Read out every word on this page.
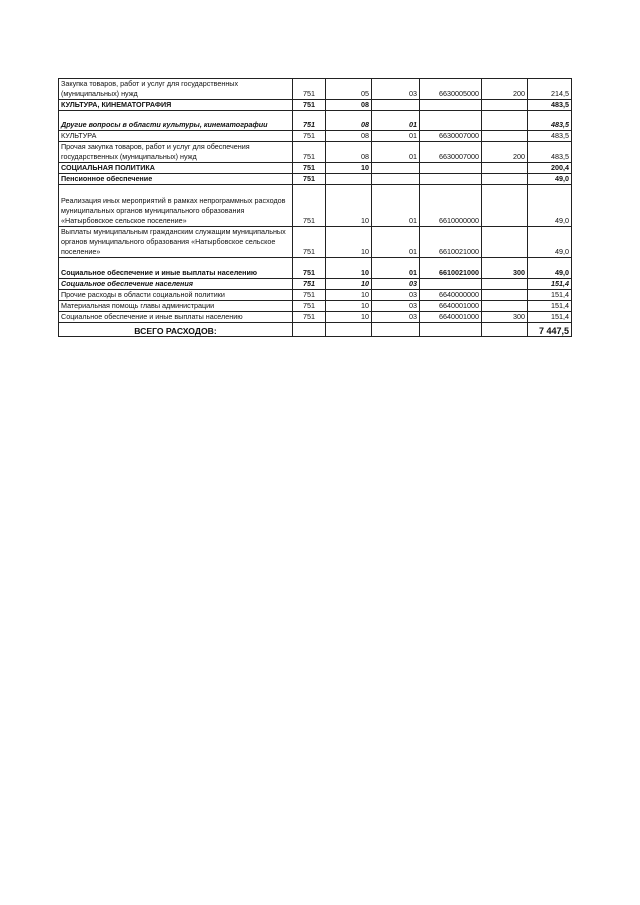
Закупка товаров, работ и услуг для государственных (муниципальных) нужд	751	05	03	6630005000	200	214,5
КУЛЬТУРА, КИНЕМАТОГРАФИЯ	751	08				483,5
Другие вопросы в области культуры, кинематографии	751	08	01			483,5
КУЛЬТУРА	751	08	01	6630007000		483,5
Прочая закупка товаров, работ и услуг для обеспечения государственных (муниципальных) нужд	751	08	01	6630007000	200	483,5
СОЦИАЛЬНАЯ ПОЛИТИКА	751	10				200,4
Пенсионное обеспечение	751					49,0
Реализация иных мероприятий в рамках непрограммных расходов муниципальных органов муниципального образования «Натырбовское сельское поселение»	751	10	01	6610000000		49,0
Выплаты муниципальным гражданским служащим муниципальных органов муниципального образования «Натырбовское сельское поселение»	751	10	01	6610021000		49,0
Социальное обеспечение и иные выплаты населению	751	10	01	6610021000	300	49,0
Социальное обеспечение населения	751	10	03			151,4
Прочие расходы в области социальной политики	751	10	03	6640000000		151,4
Материальная помощь главы администрации	751	10	03	6640001000		151,4
Социальное обеспечение и иные выплаты населению	751	10	03	6640001000	300	151,4
ВСЕГО РАСХОДОВ:						7 447,5
